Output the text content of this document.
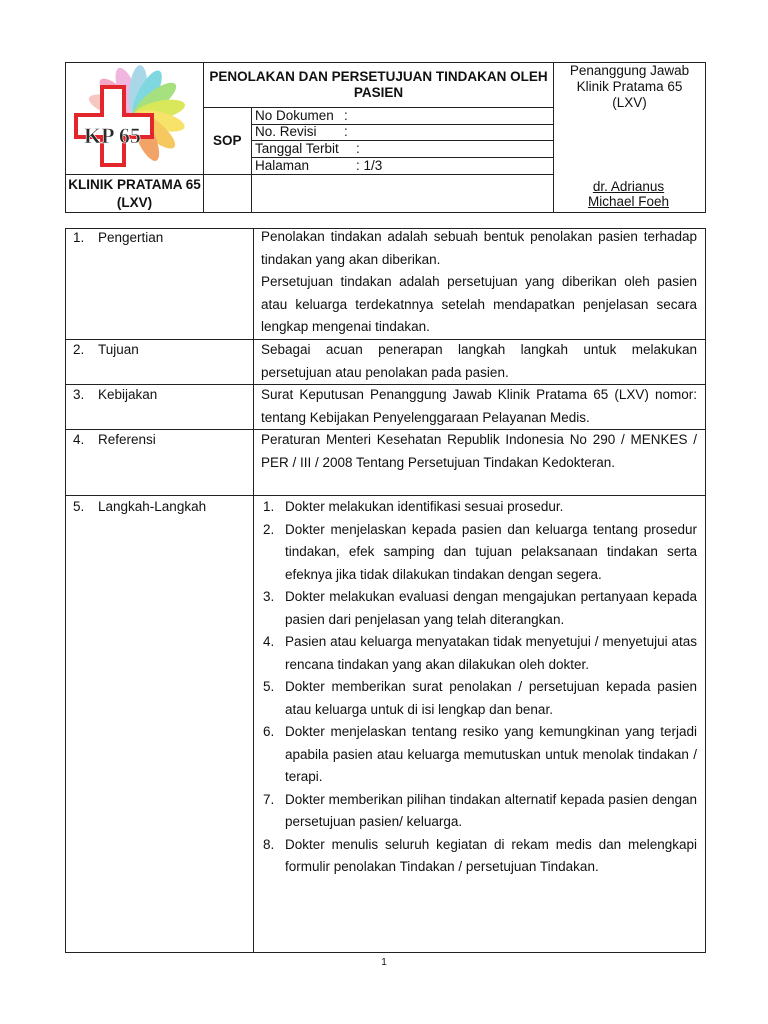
KP 65
KLINIK PRATAMA 65 (LXV)
PENOLAKAN DAN PERSETUJUAN TINDAKAN OLEH PASIEN
SOP
No Dokumen :
No. Revisi :
Tanggal Terbit :
Halaman	: 1/3
Penanggung Jawab Klinik Pratama 65 (LXV)
dr. Adrianus
Michael Foeh
1. Pengertian
2. Tujuan
3. Kebijakan
4. Referensi
5. Langkah-Langkah
Penolakan tindakan adalah sebuah bentuk penolakan pasien terhadap tindakan yang akan diberikan.
Persetujuan tindakan adalah persetujuan yang diberikan oleh pasien atau keluarga terdekatnnya setelah mendapatkan penjelasan secara lengkap mengenai tindakan.
Sebagai acuan penerapan langkah langkah untuk melakukan persetujuan atau penolakan pada pasien.
Surat Keputusan Penanggung Jawab Klinik Pratama 65 (LXV) nomor: tentang Kebijakan Penyelenggaraan Pelayanan Medis.
Peraturan Menteri Kesehatan Republik Indonesia No 290 / MENKES / PER / III / 2008 Tentang Persetujuan Tindakan Kedokteran.
1. Dokter melakukan identifikasi sesuai prosedur.
2. Dokter menjelaskan kepada pasien dan keluarga tentang prosedur tindakan, efek samping dan tujuan pelaksanaan tindakan serta efeknya jika tidak dilakukan tindakan dengan segera.
3. Dokter melakukan evaluasi dengan mengajukan pertanyaan kepada pasien dari penjelasan yang telah diterangkan.
4. Pasien atau keluarga menyatakan tidak menyetujui / menyetujui atas rencana tindakan yang akan dilakukan oleh dokter.
5. Dokter memberikan surat penolakan / persetujuan kepada pasien atau keluarga untuk di isi lengkap dan benar.
6. Dokter menjelaskan tentang resiko yang kemungkinan yang terjadi apabila pasien atau keluarga memutuskan untuk menolak tindakan / terapi.
7. Dokter memberikan pilihan tindakan alternatif kepada pasien dengan persetujuan pasien/ keluarga.
8. Dokter menulis seluruh kegiatan di rekam medis dan melengkapi formulir penolakan Tindakan / persetujuan Tindakan.
1
